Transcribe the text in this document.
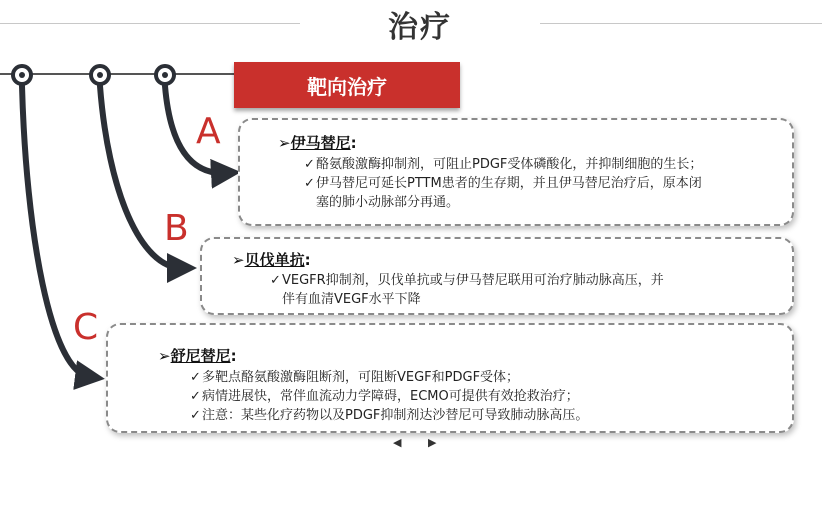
治疗
靶向治疗
A
B
C
➢伊马替尼:
✓ 酪氨酸激酶抑制剂，可阻止PDGF受体磷酸化，并抑制细胞的生长；
✓ 伊马替尼可延长PTTM患者的生存期，并且伊马替尼治疗后，原本闭
塞的肺小动脉部分再通。
➢贝伐单抗:
✓ VEGFR抑制剂，贝伐单抗或与伊马替尼联用可治疗肺动脉高压，并
伴有血清VEGF水平下降
➢舒尼替尼:
✓ 多靶点酪氨酸激酶阻断剂，可阻断VEGF和PDGF受体；
✓ 病情进展快，常伴血流动力学障碍，ECMO可提供有效抢救治疗；
✓ 注意：某些化疗药物以及PDGF抑制剂达沙替尼可导致肺动脉高压。
◀ ▶
